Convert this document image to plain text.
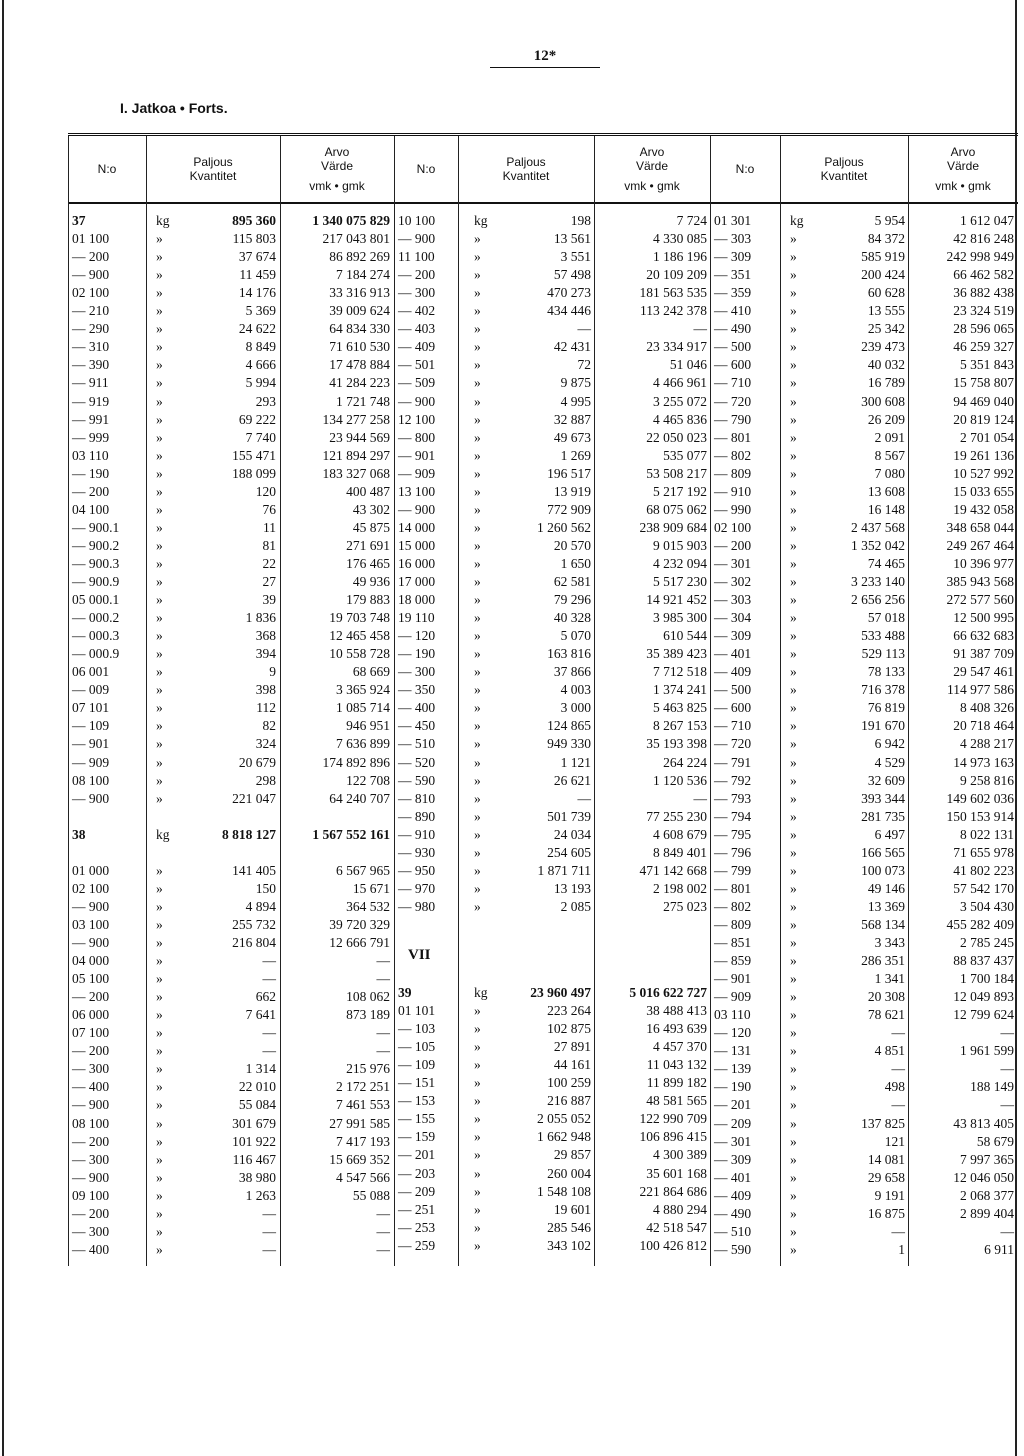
12*
I. Jatkoa • Forts.
N:o	Paljous
Kvantitet
Arvo
Värde
vmk • gmk
N:o	Paljous
Kvantitet
Arvo
Värde
vmk • gmk
N:o	Paljous
Kvantitet
Arvo
Värde
vmk • gmk
37	kg	895 360	1 340 075 829
01 100	»	115 803	217 043 801
— 200	»	37 674	86 892 269
— 900	»	11 459	7 184 274
02 100	»	14 176	33 316 913
— 210	»	5 369	39 009 624
— 290	»	24 622	64 834 330
— 310	»	8 849	71 610 530
— 390	»	4 666	17 478 884
— 911	»	5 994	41 284 223
— 919	»	293	1 721 748
— 991	»	69 222	134 277 258
— 999	»	7 740	23 944 569
03 110	»	155 471	121 894 297
— 190	»	188 099	183 327 068
— 200	»	120	400 487
04 100	»	76	43 302
— 900.1	»	11	45 875
— 900.2	»	81	271 691
— 900.3	»	22	176 465
— 900.9	»	27	49 936
05 000.1	»	39	179 883
— 000.2	»	1 836	19 703 748
— 000.3	»	368	12 465 458
— 000.9	»	394	10 558 728
06 001	»	9	68 669
— 009	»	398	3 365 924
07 101	»	112	1 085 714
— 109	»	82	946 951
— 901	»	324	7 636 899
— 909	»	20 679	174 892 896
08 100	»	298	122 708
— 900	»	221 047	64 240 707
38	kg	8 818 127	1 567 552 161
01 000	»	141 405	6 567 965
02 100	»	150	15 671
— 900	»	4 894	364 532
03 100	»	255 732	39 720 329
— 900	»	216 804	12 666 791
04 000	»	—	—
05 100	»	—	—
— 200	»	662	108 062
06 000	»	7 641	873 189
07 100	»	—	—
— 200	»	—	—
— 300	»	1 314	215 976
— 400	»	22 010	2 172 251
— 900	»	55 084	7 461 553
08 100	»	301 679	27 991 585
— 200	»	101 922	7 417 193
— 300	»	116 467	15 669 352
— 900	»	38 980	4 547 566
09 100	»	1 263	55 088
— 200	»	—	—
— 300	»	—	—
— 400	»	—	—
10 100	kg	198	7 724
— 900	»	13 561	4 330 085
11 100	»	3 551	1 186 196
— 200	»	57 498	20 109 209
— 300	»	470 273	181 563 535
— 402	»	434 446	113 242 378
— 403	»	—	—
— 409	»	42 431	23 334 917
— 501	»	72	51 046
— 509	»	9 875	4 466 961
— 900	»	4 995	3 255 072
12 100	»	32 887	4 465 836
— 800	»	49 673	22 050 023
— 901	»	1 269	535 077
— 909	»	196 517	53 508 217
13 100	»	13 919	5 217 192
— 900	»	772 909	68 075 062
14 000	»	1 260 562	238 909 684
15 000	»	20 570	9 015 903
16 000	»	1 650	4 232 094
17 000	»	62 581	5 517 230
18 000	»	79 296	14 921 452
19 110	»	40 328	3 985 300
— 120	»	5 070	610 544
— 190	»	163 816	35 389 423
— 300	»	37 866	7 712 518
— 350	»	4 003	1 374 241
— 400	»	3 000	5 463 825
— 450	»	124 865	8 267 153
— 510	»	949 330	35 193 398
— 520	»	1 121	264 224
— 590	»	26 621	1 120 536
— 810	»	—	—
— 890	»	501 739	77 255 230
— 910	»	24 034	4 608 679
— 930	»	254 605	8 849 401
— 950	»	1 871 711	471 142 668
— 970	»	13 193	2 198 002
— 980	»	2 085	275 023
VII
39	kg	23 960 497	5 016 622 727
01 101	»	223 264	38 488 413
— 103	»	102 875	16 493 639
— 105	»	27 891	4 457 370
— 109	»	44 161	11 043 132
— 151	»	100 259	11 899 182
— 153	»	216 887	48 581 565
— 155	»	2 055 052	122 990 709
— 159	»	1 662 948	106 896 415
— 201	»	29 857	4 300 389
— 203	»	260 004	35 601 168
— 209	»	1 548 108	221 864 686
— 251	»	19 601	4 880 294
— 253	»	285 546	42 518 547
— 259	»	343 102	100 426 812
01 301	kg	5 954	1 612 047
— 303	»	84 372	42 816 248
— 309	»	585 919	242 998 949
— 351	»	200 424	66 462 582
— 359	»	60 628	36 882 438
— 410	»	13 555	23 324 519
— 490	»	25 342	28 596 065
— 500	»	239 473	46 259 327
— 600	»	40 032	5 351 843
— 710	»	16 789	15 758 807
— 720	»	300 608	94 469 040
— 790	»	26 209	20 819 124
— 801	»	2 091	2 701 054
— 802	»	8 567	19 261 136
— 809	»	7 080	10 527 992
— 910	»	13 608	15 033 655
— 990	»	16 148	19 432 058
02 100	»	2 437 568	348 658 044
— 200	»	1 352 042	249 267 464
— 301	»	74 465	10 396 977
— 302	»	3 233 140	385 943 568
— 303	»	2 656 256	272 577 560
— 304	»	57 018	12 500 995
— 309	»	533 488	66 632 683
— 401	»	529 113	91 387 709
— 409	»	78 133	29 547 461
— 500	»	716 378	114 977 586
— 600	»	76 819	8 408 326
— 710	»	191 670	20 718 464
— 720	»	6 942	4 288 217
— 791	»	4 529	14 973 163
— 792	»	32 609	9 258 816
— 793	»	393 344	149 602 036
— 794	»	281 735	150 153 914
— 795	»	6 497	8 022 131
— 796	»	166 565	71 655 978
— 799	»	100 073	41 802 223
— 801	»	49 146	57 542 170
— 802	»	13 369	3 504 430
— 809	»	568 134	455 282 409
— 851	»	3 343	2 785 245
— 859	»	286 351	88 837 437
— 901	»	1 341	1 700 184
— 909	»	20 308	12 049 893
03 110	»	78 621	12 799 624
— 120	»	—	—
— 131	»	4 851	1 961 599
— 139	»	—	—
— 190	»	498	188 149
— 201	»	—	—
— 209	»	137 825	43 813 405
— 301	»	121	58 679
— 309	»	14 081	7 997 365
— 401	»	29 658	12 046 050
— 409	»	9 191	2 068 377
— 490	»	16 875	2 899 404
— 510	»	—	—
— 590	»	1	6 911
